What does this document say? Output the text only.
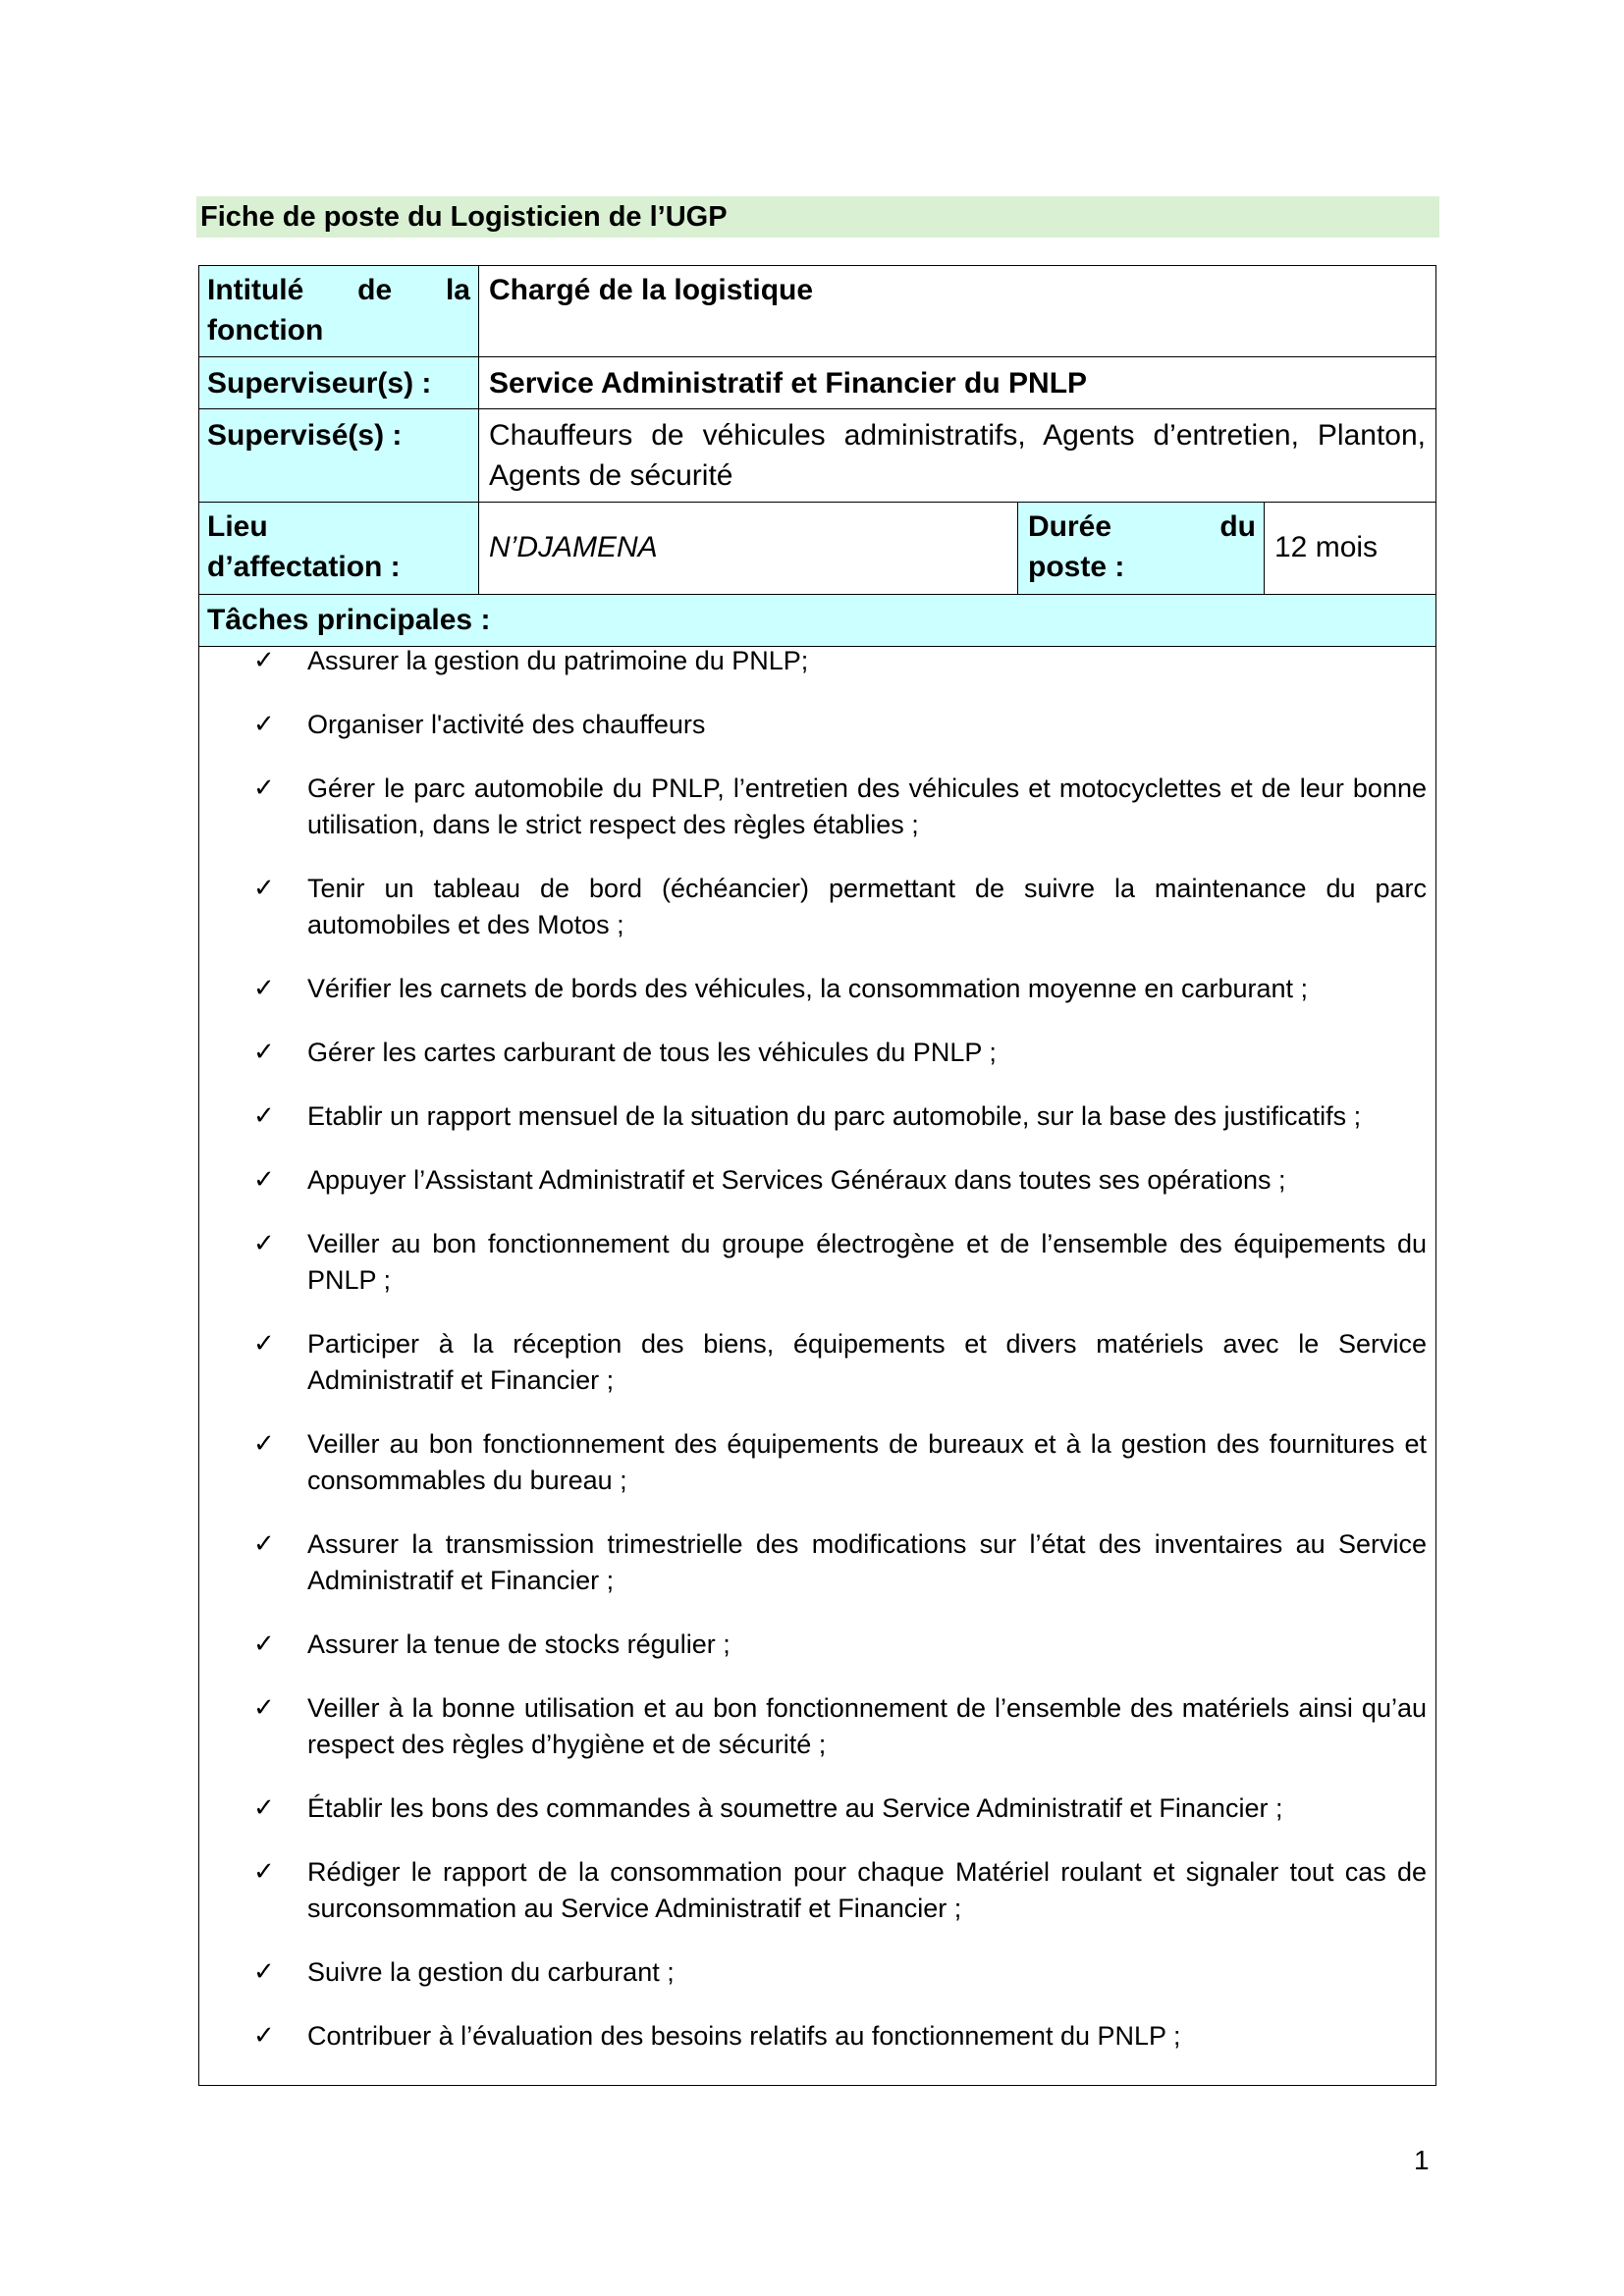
Fiche de poste du Logisticien de l’UGP
Intitulé de la
fonction
Chargé de la logistique
Superviseur(s) :	Service Administratif et Financier du PNLP
Supervisé(s) :	Chauffeurs de véhicules administratifs, Agents d’entretien, Planton,
Agents de sécurité
Lieu
d’affectation :
N’DJAMENA
Durée du
poste :
12 mois
Tâches principales :
✓ Assurer la gestion du patrimoine du PNLP;
✓ Organiser l'activité des chauffeurs
✓ Gérer le parc automobile du PNLP, l’entretien des véhicules et motocyclettes et de leur bonne utilisation, dans le strict respect des règles établies ;
✓ Tenir un tableau de bord (échéancier) permettant de suivre la maintenance du parc automobiles et des Motos ;
✓ Vérifier les carnets de bords des véhicules, la consommation moyenne en carburant ;
✓ Gérer les cartes carburant de tous les véhicules du PNLP ;
✓ Etablir un rapport mensuel de la situation du parc automobile, sur la base des justificatifs ;
✓ Appuyer l’Assistant Administratif et Services Généraux dans toutes ses opérations ;
✓ Veiller au bon fonctionnement du groupe électrogène et de l’ensemble des équipements du PNLP ;
✓ Participer à la réception des biens, équipements et divers matériels avec le Service Administratif et Financier ;
✓ Veiller au bon fonctionnement des équipements de bureaux et à la gestion des fournitures et consommables du bureau ;
✓ Assurer la transmission trimestrielle des modifications sur l’état des inventaires au Service Administratif et Financier ;
✓ Assurer la tenue de stocks régulier ;
✓ Veiller à la bonne utilisation et au bon fonctionnement de l’ensemble des matériels ainsi qu’au respect des règles d’hygiène et de sécurité ;
✓ Établir les bons des commandes à soumettre au Service Administratif et Financier ;
✓ Rédiger le rapport de la consommation pour chaque Matériel roulant et signaler tout cas de surconsommation au Service Administratif et Financier ;
✓ Suivre la gestion du carburant ;
✓ Contribuer à l’évaluation des besoins relatifs au fonctionnement du PNLP ;
1
